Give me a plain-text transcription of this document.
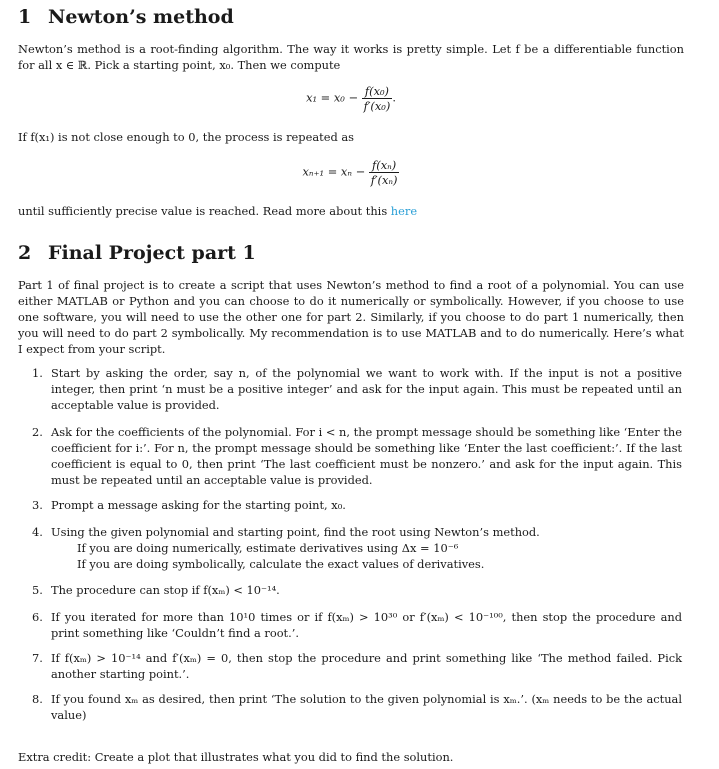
1 Newton’s method

Newton’s method is a root-finding algorithm. The way it works is pretty simple. Let f be a differentiable function for all x ∈ ℝ. Pick a starting point, x₀. Then we compute

$x_1 = x_0 - \frac{\text{f(x₀)}}{\text{f′(x₀)}}$ .

If f(x₁) is not close enough to 0, the process is repeated as

$x_{n+1} = x_n - \frac{\text{f(xₙ)}}{\text{f′(xₙ)}}$

until sufficiently precise value is reached. Read more about this here

2 Final Project part 1

Part 1 of final project is to create a script that uses Newton’s method to find a root of a polynomial. You can use either MATLAB or Python and you can choose to do it numerically or symbolically. However, if you choose to use one software, you will need to use the other one for part 2. Similarly, if you choose to do part 1 numerically, then you will need to do part 2 symbolically. My recommendation is to use MATLAB and to do numerically. Here’s what I expect from your script.

1. Start by asking the order, say n, of the polynomial we want to work with. If the input is not a positive integer, then print ‘n must be a positive integer’ and ask for the input again. This must be repeated until an acceptable value is provided.
2. Ask for the coefficients of the polynomial. For i < n, the prompt message should be something like ‘Enter the coefficient for i:’. For n, the prompt message should be something like ‘Enter the last coefficient:’. If the last coefficient is equal to 0, then print ‘The last coefficient must be nonzero.’ and ask for the input again. This must be repeated until an acceptable value is provided.
3. Prompt a message asking for the starting point, x₀.
4. Using the given polynomial and starting point, find the root using Newton’s method.
If you are doing numerically, estimate derivatives using Δx = 10⁻⁶
If you are doing symbolically, calculate the exact values of derivatives.
5. The procedure can stop if f(xₘ) < 10⁻¹⁴.
6. If you iterated for more than 10¹0 times or if f(xₘ) > 10³⁰ or f′(xₘ) < 10⁻¹⁰⁰, then stop the procedure and print something like ‘Couldn’t find a root.’.
7. If f(xₘ) > 10⁻¹⁴ and f′(xₘ) = 0, then stop the procedure and print something like ‘The method failed. Pick another starting point.’.
8. If you found xₘ as desired, then print ‘The solution to the given polynomial is xₘ.’. (xₘ needs to be the actual value)

Extra credit: Create a plot that illustrates what you did to find the solution.
